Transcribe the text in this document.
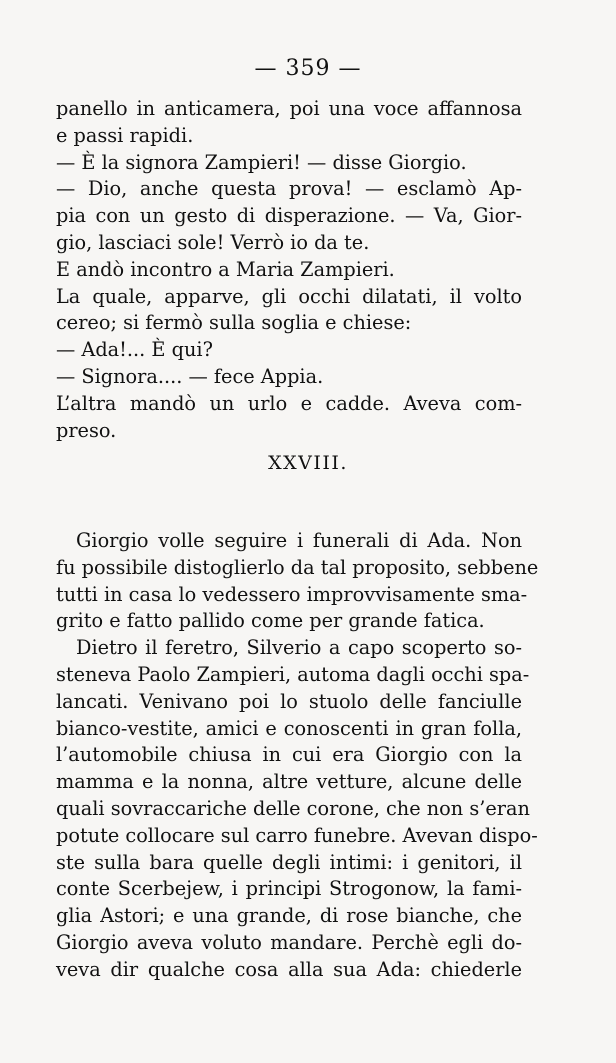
— 359 —
panello in anticamera, poi una voce affannosa
e passi rapidi.
— È la signora Zampieri! — disse Giorgio.
— Dio, anche questa prova! — esclamò Ap-
pia con un gesto di disperazione. — Va, Gior-
gio, lasciaci sole! Verrò io da te.
E andò incontro a Maria Zampieri.
La quale, apparve, gli occhi dilatati, il volto
cereo; si fermò sulla soglia e chiese:
— Ada!... È qui?
— Signora.... — fece Appia.
L’altra mandò un urlo e cadde. Aveva com-
preso.
XXVIII.
Giorgio volle seguire i funerali di Ada. Non
fu possibile distoglierlo da tal proposito, sebbene
tutti in casa lo vedessero improvvisamente sma-
grito e fatto pallido come per grande fatica.
Dietro il feretro, Silverio a capo scoperto so-
steneva Paolo Zampieri, automa dagli occhi spa-
lancati. Venivano poi lo stuolo delle fanciulle
bianco-vestite, amici e conoscenti in gran folla,
l’automobile chiusa in cui era Giorgio con la
mamma e la nonna, altre vetture, alcune delle
quali sovraccariche delle corone, che non s’eran
potute collocare sul carro funebre. Avevan dispo-
ste sulla bara quelle degli intimi: i genitori, il
conte Scerbejew, i principi Strogonow, la fami-
glia Astori; e una grande, di rose bianche, che
Giorgio aveva voluto mandare. Perchè egli do-
veva dir qualche cosa alla sua Ada: chiederle
